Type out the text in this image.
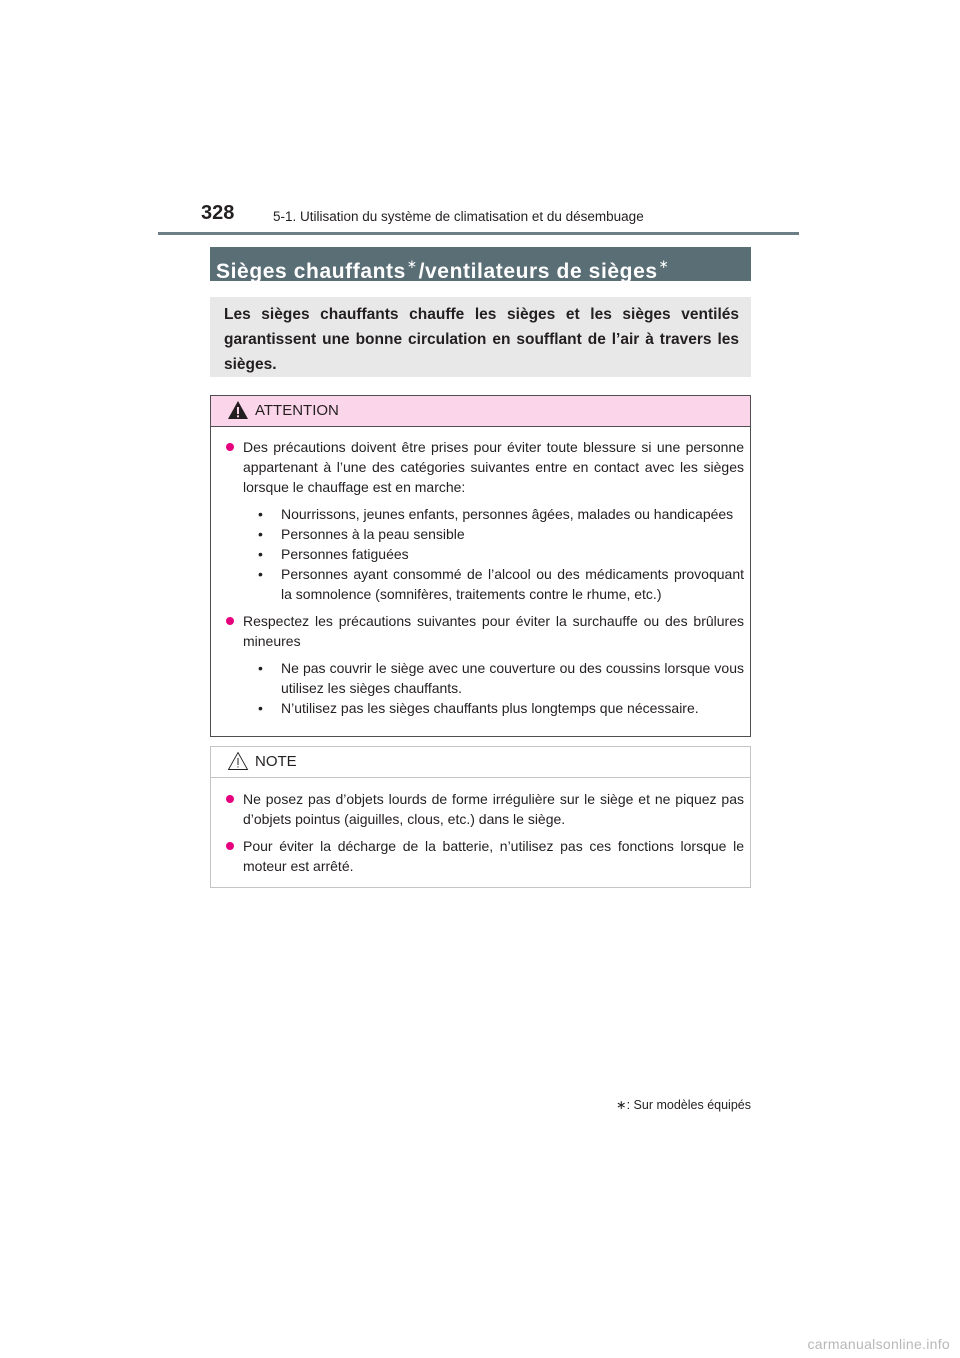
328	5-1. Utilisation du système de climatisation et du désembuage
Sièges chauffants∗/ventilateurs de sièges∗
Les sièges chauffants chauffe les sièges et les sièges ventilés garantissent une bonne circulation en soufflant de l’air à travers les sièges.
ATTENTION
Des précautions doivent être prises pour éviter toute blessure si une personne appartenant à l’une des catégories suivantes entre en contact avec les sièges lorsque le chauffage est en marche:
• Nourrissons, jeunes enfants, personnes âgées, malades ou handicapées
• Personnes à la peau sensible
• Personnes fatiguées
• Personnes ayant consommé de l’alcool ou des médicaments provoquant la somnolence (somnifères, traitements contre le rhume, etc.)
Respectez les précautions suivantes pour éviter la surchauffe ou des brûlures mineures
• Ne pas couvrir le siège avec une couverture ou des coussins lorsque vous utilisez les sièges chauffants.
• N’utilisez pas les sièges chauffants plus longtemps que nécessaire.
NOTE
Ne posez pas d’objets lourds de forme irrégulière sur le siège et ne piquez pas d’objets pointus (aiguilles, clous, etc.) dans le siège.
Pour éviter la décharge de la batterie, n’utilisez pas ces fonctions lorsque le moteur est arrêté.
∗: Sur modèles équipés
carmanualsonline.info
